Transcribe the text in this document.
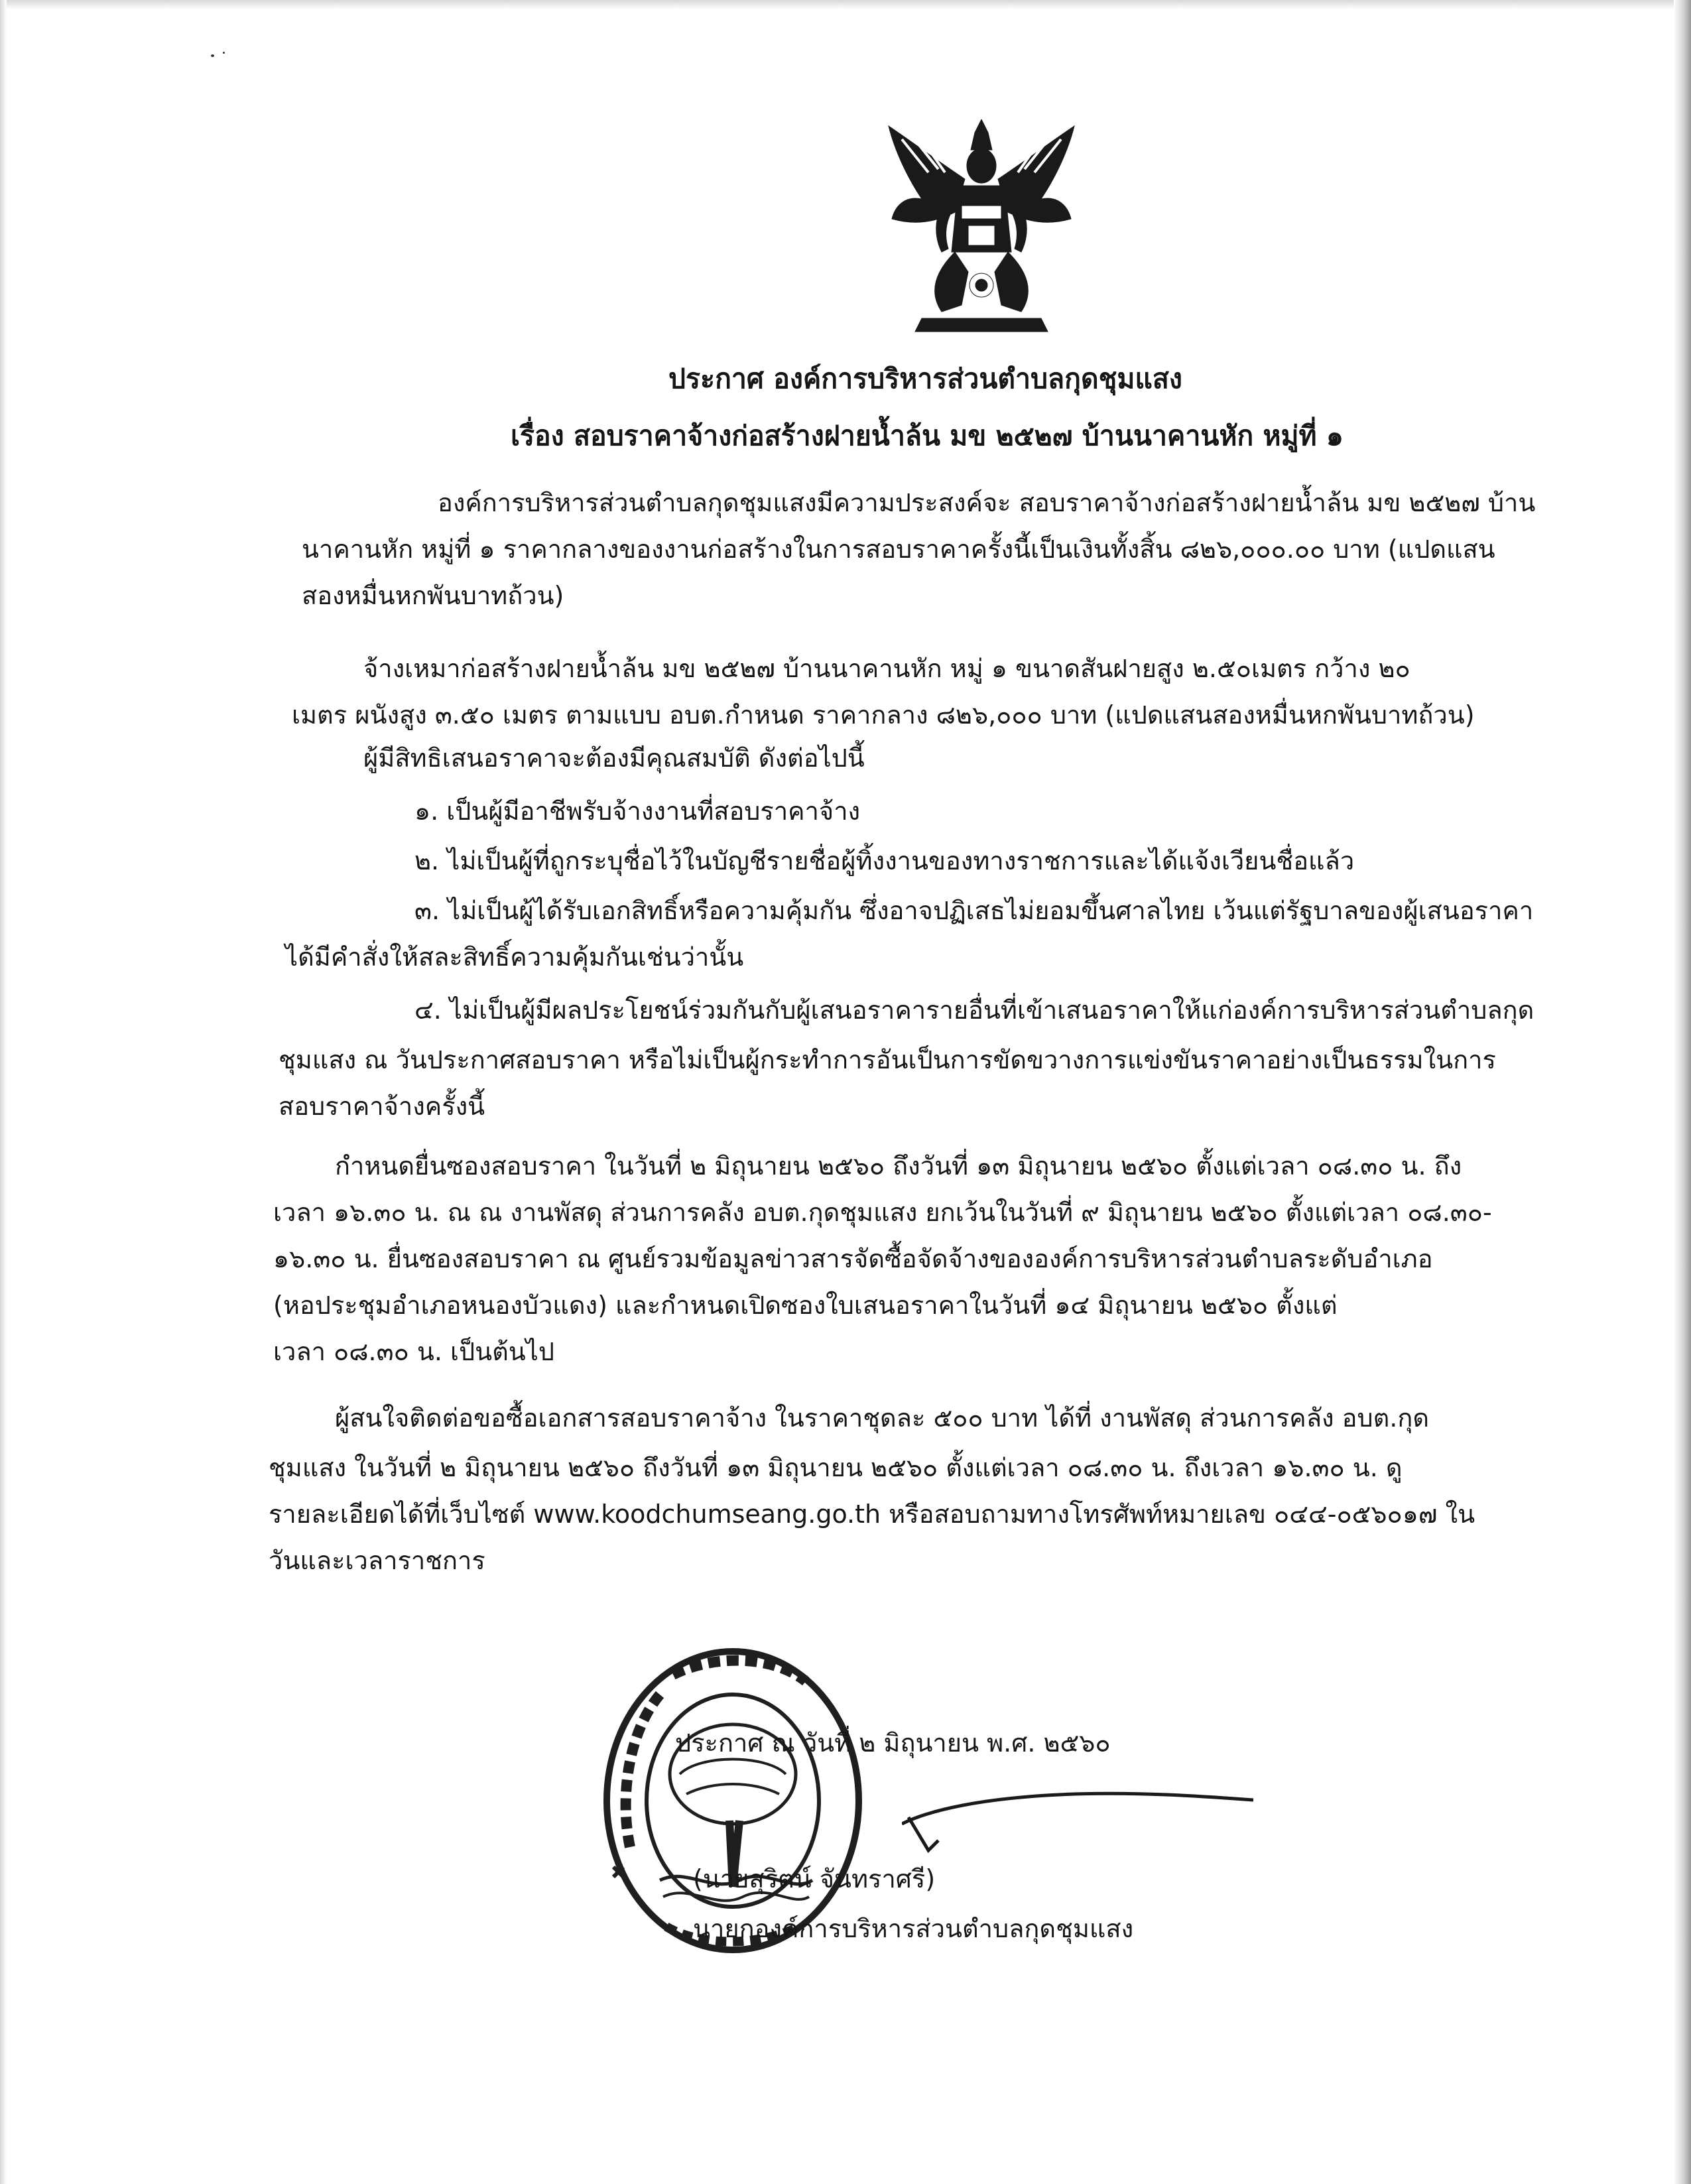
ประกาศ องค์การบริหารส่วนตำบลกุดชุมแสง
เรื่อง สอบราคาจ้างก่อสร้างฝายน้ำล้น มข ๒๕๒๗ บ้านนาคานหัก หมู่ที่ ๑
องค์การบริหารส่วนตำบลกุดชุมแสงมีความประสงค์จะ สอบราคาจ้างก่อสร้างฝายน้ำล้น มข ๒๕๒๗ บ้าน
นาคานหัก หมู่ที่ ๑ ราคากลางของงานก่อสร้างในการสอบราคาครั้งนี้เป็นเงินทั้งสิ้น ๘๒๖,๐๐๐.๐๐ บาท (แปดแสน
สองหมื่นหกพันบาทถ้วน)
จ้างเหมาก่อสร้างฝายน้ำล้น มข ๒๕๒๗ บ้านนาคานหัก หมู่ ๑ ขนาดสันฝายสูง ๒.๕๐เมตร กว้าง ๒๐
เมตร ผนังสูง ๓.๕๐ เมตร ตามแบบ อบต.กำหนด ราคากลาง ๘๒๖,๐๐๐ บาท (แปดแสนสองหมื่นหกพันบาทถ้วน)
ผู้มีสิทธิเสนอราคาจะต้องมีคุณสมบัติ ดังต่อไปนี้
๑. เป็นผู้มีอาชีพรับจ้างงานที่สอบราคาจ้าง
๒. ไม่เป็นผู้ที่ถูกระบุชื่อไว้ในบัญชีรายชื่อผู้ทิ้งงานของทางราชการและได้แจ้งเวียนชื่อแล้ว
๓. ไม่เป็นผู้ได้รับเอกสิทธิ์หรือความคุ้มกัน ซึ่งอาจปฏิเสธไม่ยอมขึ้นศาลไทย เว้นแต่รัฐบาลของผู้เสนอราคา
ได้มีคำสั่งให้สละสิทธิ์ความคุ้มกันเช่นว่านั้น
๔. ไม่เป็นผู้มีผลประโยชน์ร่วมกันกับผู้เสนอราคารายอื่นที่เข้าเสนอราคาให้แก่องค์การบริหารส่วนตำบลกุด
ชุมแสง ณ วันประกาศสอบราคา หรือไม่เป็นผู้กระทำการอันเป็นการขัดขวางการแข่งขันราคาอย่างเป็นธรรมในการ
สอบราคาจ้างครั้งนี้
กำหนดยื่นซองสอบราคา ในวันที่ ๒ มิถุนายน ๒๕๖๐ ถึงวันที่ ๑๓ มิถุนายน ๒๕๖๐ ตั้งแต่เวลา ๐๘.๓๐ น. ถึง
เวลา ๑๖.๓๐ น. ณ ณ งานพัสดุ ส่วนการคลัง อบต.กุดชุมแสง ยกเว้นในวันที่ ๙ มิถุนายน ๒๕๖๐ ตั้งแต่เวลา ๐๘.๓๐-
๑๖.๓๐ น. ยื่นซองสอบราคา ณ ศูนย์รวมข้อมูลข่าวสารจัดซื้อจัดจ้างขององค์การบริหารส่วนตำบลระดับอำเภอ
(หอประชุมอำเภอหนองบัวแดง) และกำหนดเปิดซองใบเสนอราคาในวันที่ ๑๔ มิถุนายน ๒๕๖๐ ตั้งแต่
เวลา ๐๘.๓๐ น. เป็นต้นไป
ผู้สนใจติดต่อขอซื้อเอกสารสอบราคาจ้าง ในราคาชุดละ ๕๐๐ บาท ได้ที่ งานพัสดุ ส่วนการคลัง อบต.กุด
ชุมแสง ในวันที่ ๒ มิถุนายน ๒๕๖๐ ถึงวันที่ ๑๓ มิถุนายน ๒๕๖๐ ตั้งแต่เวลา ๐๘.๓๐ น. ถึงเวลา ๑๖.๓๐ น. ดู
รายละเอียดได้ที่เว็บไซต์ www.koodchumseang.go.th หรือสอบถามทางโทรศัพท์หมายเลข ๐๔๔-๐๕๖๐๑๗ ใน
วันและเวลาราชการ
ประกาศ ณ วันที่ ๒ มิถุนายน พ.ศ. ๒๕๖๐
(นายสุริตน์ จันทราศรี)
นายกองค์การบริหารส่วนตำบลกุดชุมแสง
